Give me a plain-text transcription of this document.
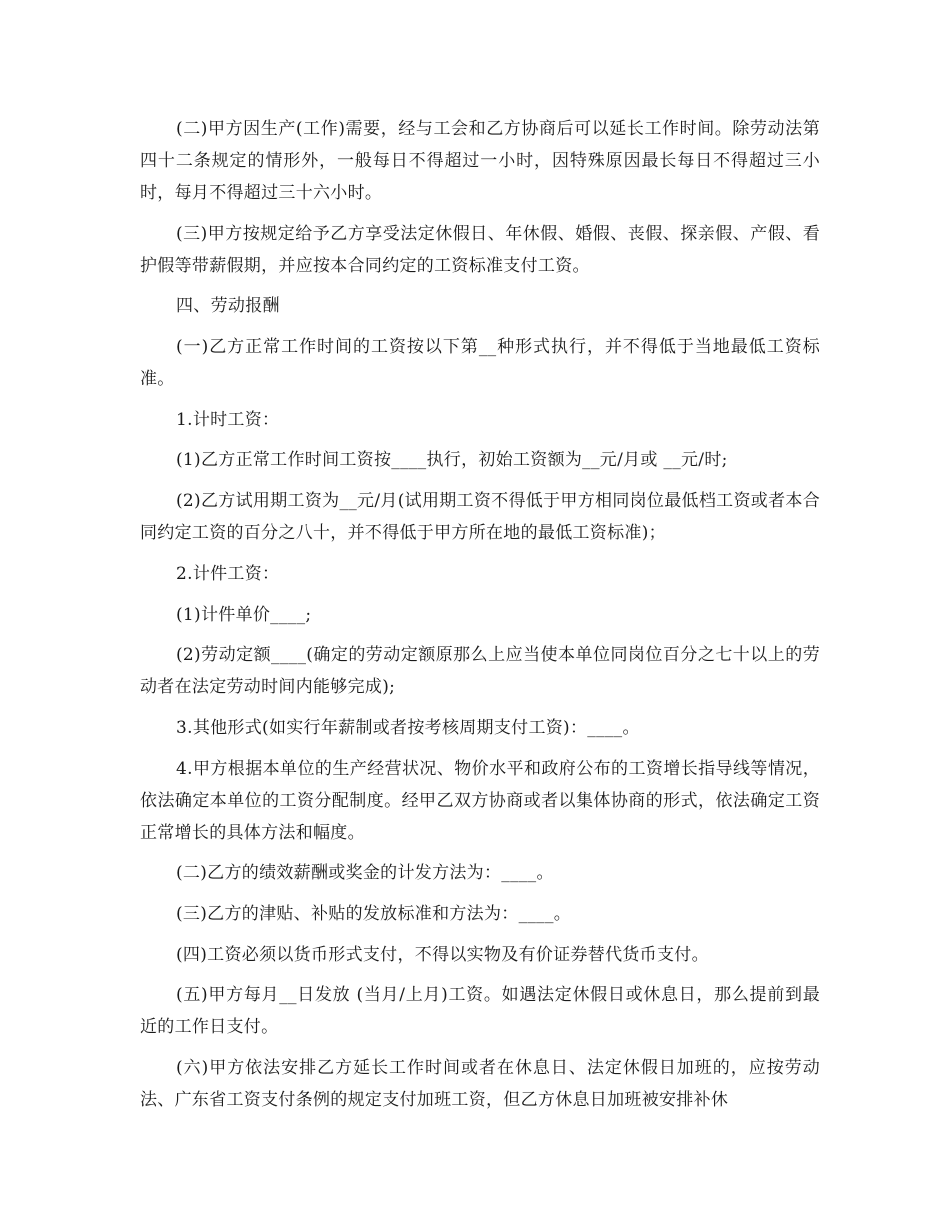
(二)甲方因生产(工作)需要，经与工会和乙方协商后可以延长工作时间。除劳动法第四十二条规定的情形外，一般每日不得超过一小时，因特殊原因最长每日不得超过三小时，每月不得超过三十六小时。

(三)甲方按规定给予乙方享受法定休假日、年休假、婚假、丧假、探亲假、产假、看护假等带薪假期，并应按本合同约定的工资标准支付工资。

四、劳动报酬

(一)乙方正常工作时间的工资按以下第__种形式执行，并不得低于当地最低工资标准。

1.计时工资：

(1)乙方正常工作时间工资按____执行，初始工资额为__元/月或 __元/时;

(2)乙方试用期工资为__元/月(试用期工资不得低于甲方相同岗位最低档工资或者本合同约定工资的百分之八十，并不得低于甲方所在地的最低工资标准)；

2.计件工资：

(1)计件单价____;

(2)劳动定额____(确定的劳动定额原那么上应当使本单位同岗位百分之七十以上的劳动者在法定劳动时间内能够完成);

3.其他形式(如实行年薪制或者按考核周期支付工资)：____。

4.甲方根据本单位的生产经营状况、物价水平和政府公布的工资增长指导线等情况，依法确定本单位的工资分配制度。经甲乙双方协商或者以集体协商的形式，依法确定工资正常增长的具体方法和幅度。

(二)乙方的绩效薪酬或奖金的计发方法为：____。

(三)乙方的津贴、补贴的发放标准和方法为：____。

(四)工资必须以货币形式支付，不得以实物及有价证券替代货币支付。

(五)甲方每月__日发放 (当月/上月)工资。如遇法定休假日或休息日，那么提前到最近的工作日支付。

(六)甲方依法安排乙方延长工作时间或者在休息日、法定休假日加班的，应按劳动法、广东省工资支付条例的规定支付加班工资，但乙方休息日加班被安排补休
